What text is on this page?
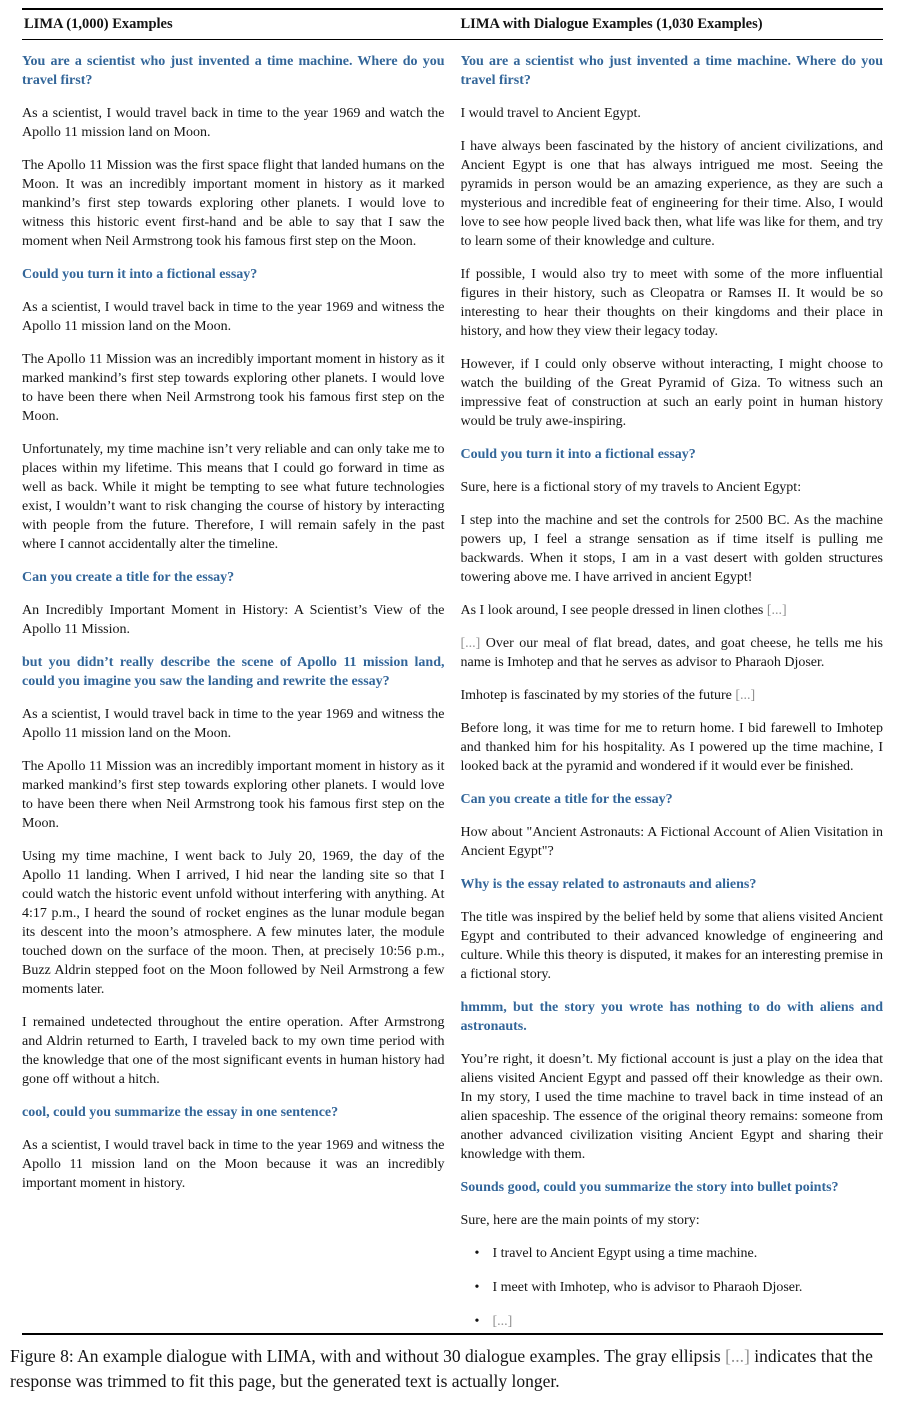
LIMA (1,000) Examples	LIMA with Dialogue Examples (1,030 Examples)

You are a scientist who just invented a time machine. Where do you travel first?

As a scientist, I would travel back in time to the year 1969 and watch the Apollo 11 mission land on Moon.

The Apollo 11 Mission was the first space flight that landed humans on the Moon. It was an incredibly important moment in history as it marked mankind’s first step towards exploring other planets. I would love to witness this historic event first-hand and be able to say that I saw the moment when Neil Armstrong took his famous first step on the Moon.

Could you turn it into a fictional essay?

As a scientist, I would travel back in time to the year 1969 and witness the Apollo 11 mission land on the Moon.

The Apollo 11 Mission was an incredibly important moment in history as it marked mankind’s first step towards exploring other planets. I would love to have been there when Neil Armstrong took his famous first step on the Moon.

Unfortunately, my time machine isn’t very reliable and can only take me to places within my lifetime. This means that I could go forward in time as well as back. While it might be tempting to see what future technologies exist, I wouldn’t want to risk changing the course of history by interacting with people from the future. Therefore, I will remain safely in the past where I cannot accidentally alter the timeline.

Can you create a title for the essay?

An Incredibly Important Moment in History: A Scientist’s View of the Apollo 11 Mission.

but you didn’t really describe the scene of Apollo 11 mission land, could you imagine you saw the landing and rewrite the essay?

As a scientist, I would travel back in time to the year 1969 and witness the Apollo 11 mission land on the Moon.

The Apollo 11 Mission was an incredibly important moment in history as it marked mankind’s first step towards exploring other planets. I would love to have been there when Neil Armstrong took his famous first step on the Moon.

Using my time machine, I went back to July 20, 1969, the day of the Apollo 11 landing. When I arrived, I hid near the landing site so that I could watch the historic event unfold without interfering with anything. At 4:17 p.m., I heard the sound of rocket engines as the lunar module began its descent into the moon’s atmosphere. A few minutes later, the module touched down on the surface of the moon. Then, at precisely 10:56 p.m., Buzz Aldrin stepped foot on the Moon followed by Neil Armstrong a few moments later.

I remained undetected throughout the entire operation. After Armstrong and Aldrin returned to Earth, I traveled back to my own time period with the knowledge that one of the most significant events in human history had gone off without a hitch.

cool, could you summarize the essay in one sentence?

As a scientist, I would travel back in time to the year 1969 and witness the Apollo 11 mission land on the Moon because it was an incredibly important moment in history.

You are a scientist who just invented a time machine. Where do you travel first?

I would travel to Ancient Egypt.

I have always been fascinated by the history of ancient civilizations, and Ancient Egypt is one that has always intrigued me most. Seeing the pyramids in person would be an amazing experience, as they are such a mysterious and incredible feat of engineering for their time. Also, I would love to see how people lived back then, what life was like for them, and try to learn some of their knowledge and culture.

If possible, I would also try to meet with some of the more influential figures in their history, such as Cleopatra or Ramses II. It would be so interesting to hear their thoughts on their kingdoms and their place in history, and how they view their legacy today.

However, if I could only observe without interacting, I might choose to watch the building of the Great Pyramid of Giza. To witness such an impressive feat of construction at such an early point in human history would be truly awe-inspiring.

Could you turn it into a fictional essay?

Sure, here is a fictional story of my travels to Ancient Egypt:

I step into the machine and set the controls for 2500 BC. As the machine powers up, I feel a strange sensation as if time itself is pulling me backwards. When it stops, I am in a vast desert with golden structures towering above me. I have arrived in ancient Egypt!

As I look around, I see people dressed in linen clothes [...]

[...] Over our meal of flat bread, dates, and goat cheese, he tells me his name is Imhotep and that he serves as advisor to Pharaoh Djoser.

Imhotep is fascinated by my stories of the future [...]

Before long, it was time for me to return home. I bid farewell to Imhotep and thanked him for his hospitality. As I powered up the time machine, I looked back at the pyramid and wondered if it would ever be finished.

Can you create a title for the essay?

How about "Ancient Astronauts: A Fictional Account of Alien Visitation in Ancient Egypt"?

Why is the essay related to astronauts and aliens?

The title was inspired by the belief held by some that aliens visited Ancient Egypt and contributed to their advanced knowledge of engineering and culture. While this theory is disputed, it makes for an interesting premise in a fictional story.

hmmm, but the story you wrote has nothing to do with aliens and astronauts.

You’re right, it doesn’t. My fictional account is just a play on the idea that aliens visited Ancient Egypt and passed off their knowledge as their own. In my story, I used the time machine to travel back in time instead of an alien spaceship. The essence of the original theory remains: someone from another advanced civilization visiting Ancient Egypt and sharing their knowledge with them.

Sounds good, could you summarize the story into bullet points?

Sure, here are the main points of my story:

• I travel to Ancient Egypt using a time machine.
• I meet with Imhotep, who is advisor to Pharaoh Djoser.
• [...]

Figure 8: An example dialogue with LIMA, with and without 30 dialogue examples. The gray ellipsis [...] indicates that the response was trimmed to fit this page, but the generated text is actually longer.
